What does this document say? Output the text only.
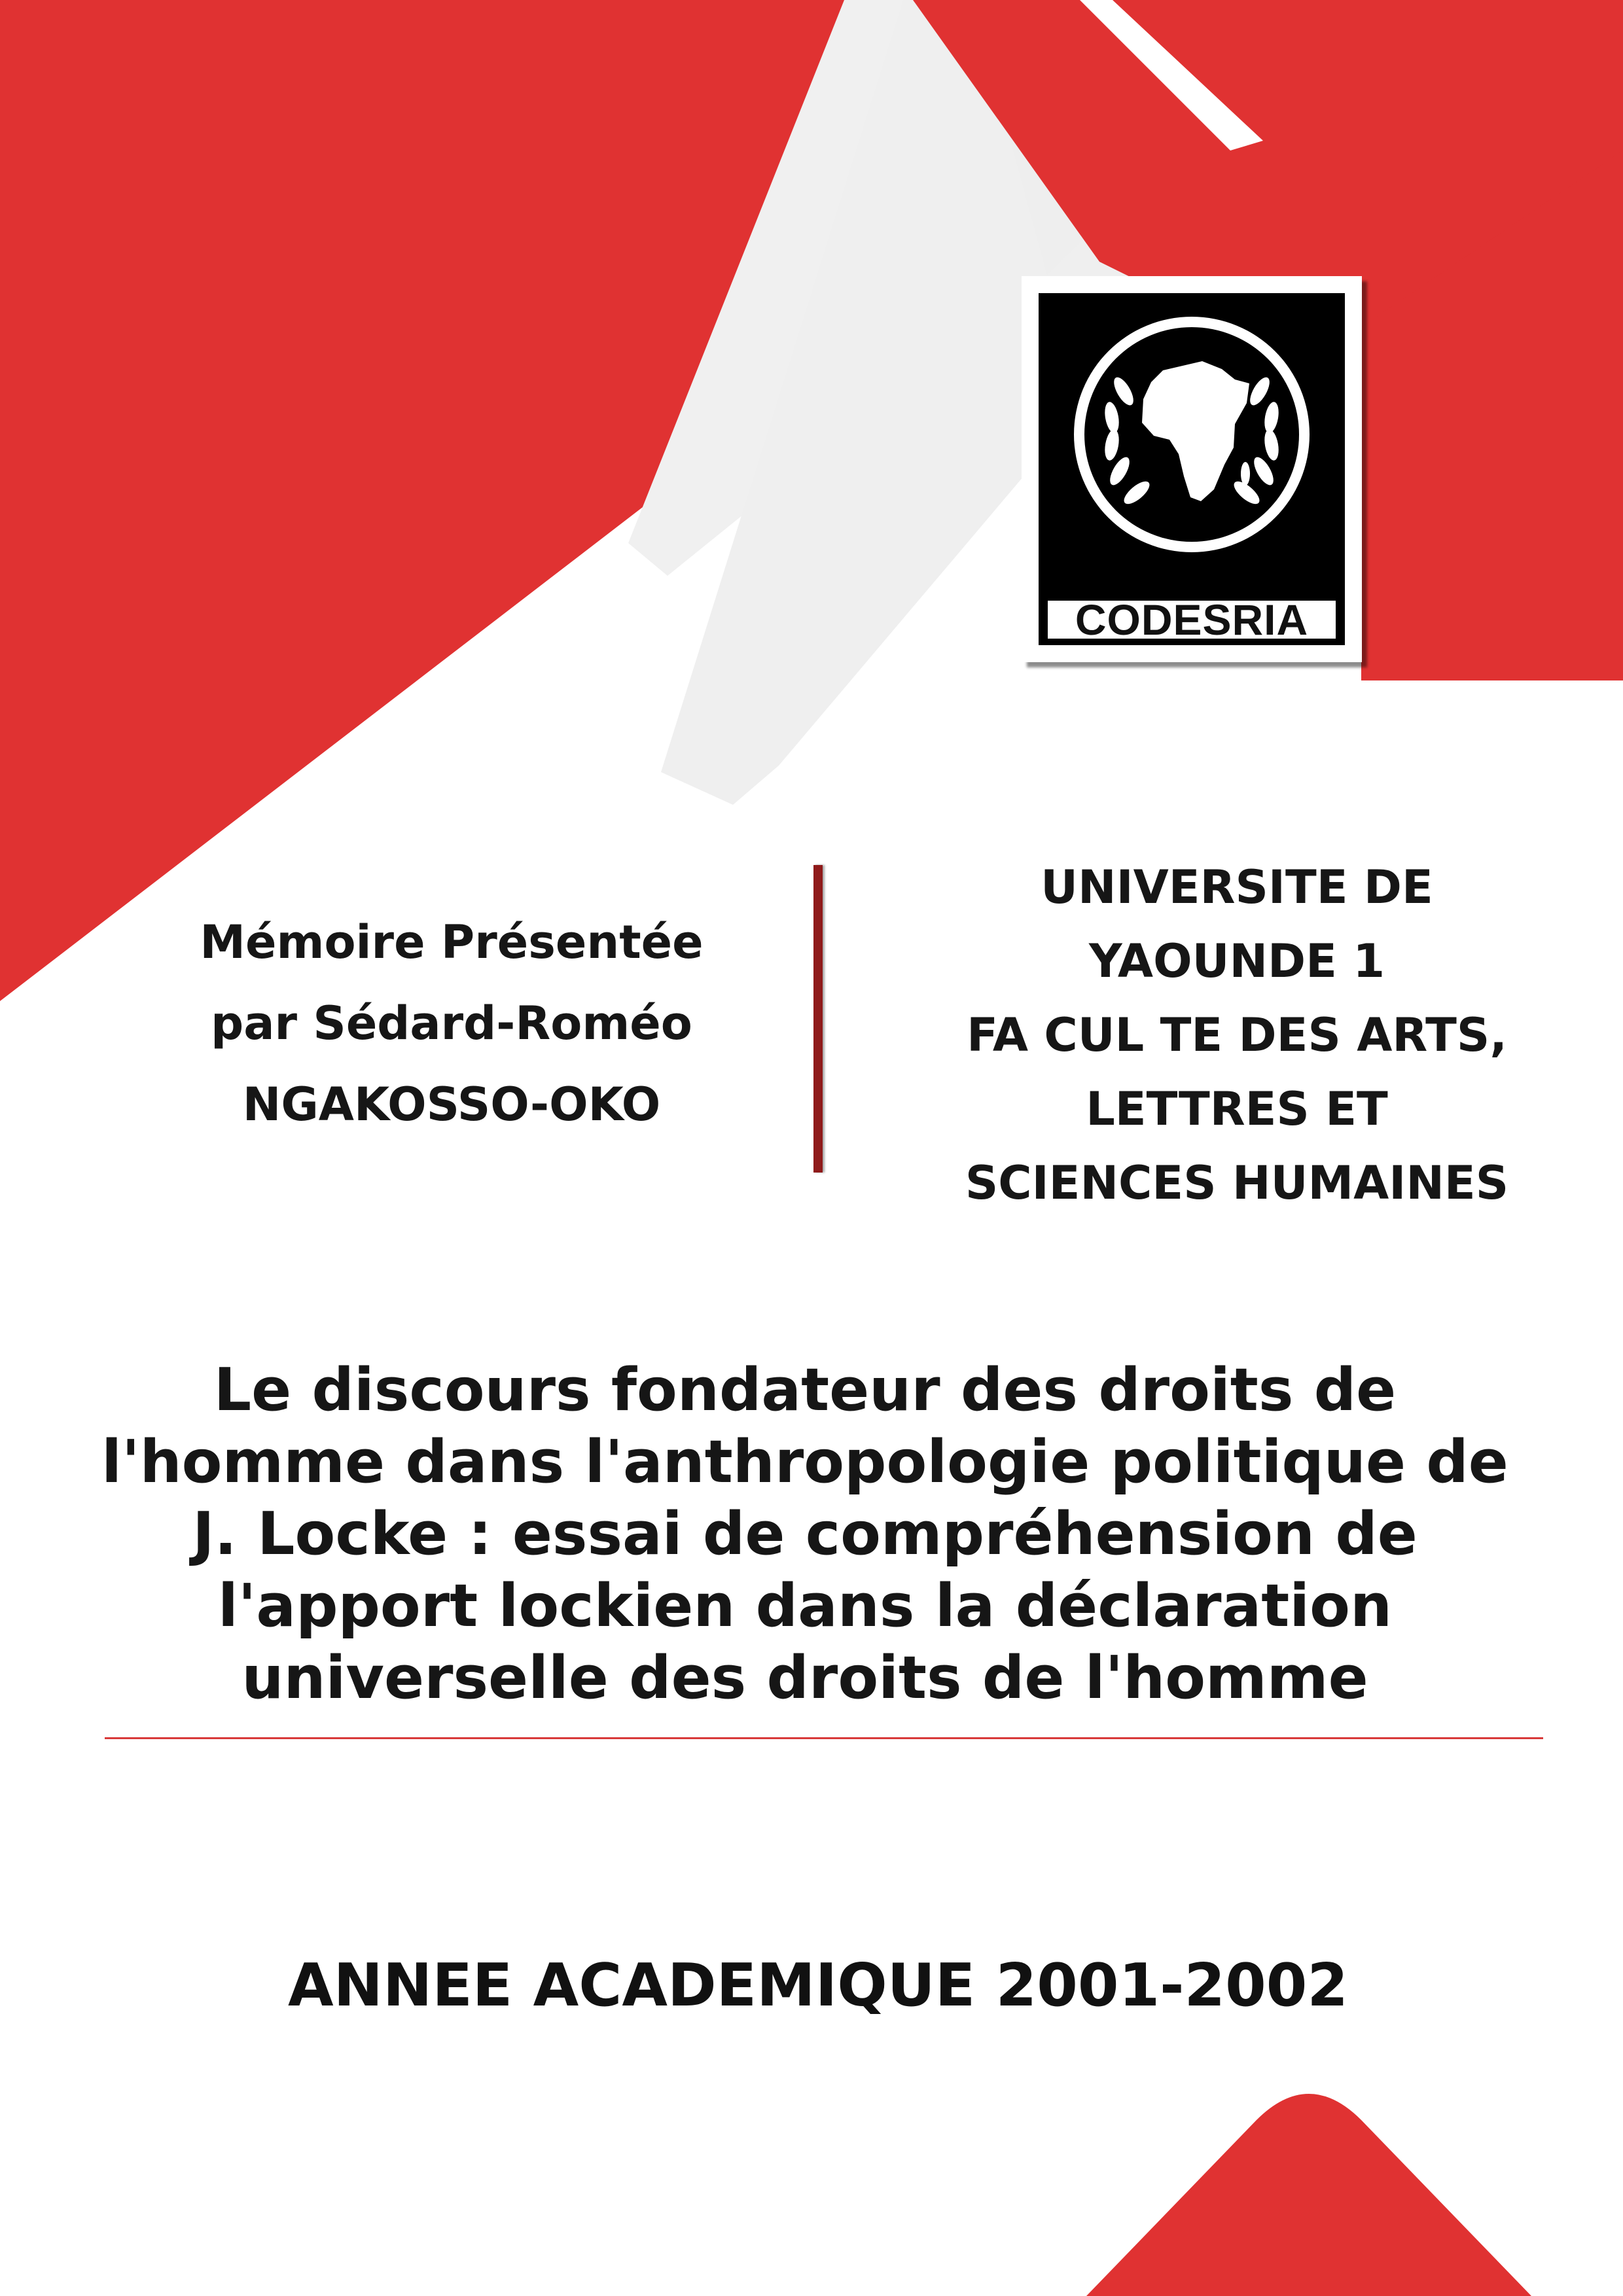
CODESRIA
Mémoire Présentée
par Sédard-Roméo
NGAKOSSO-OKO
UNIVERSITE DE
YAOUNDE 1
FA CUL TE DES ARTS,
LETTRES ET
SCIENCES HUMAINES
Le discours fondateur des droits de
l'homme dans l'anthropologie politique de
J. Locke : essai de compréhension de
l'apport lockien dans la déclaration
universelle des droits de l'homme
ANNEE ACADEMIQUE 2001-2002
